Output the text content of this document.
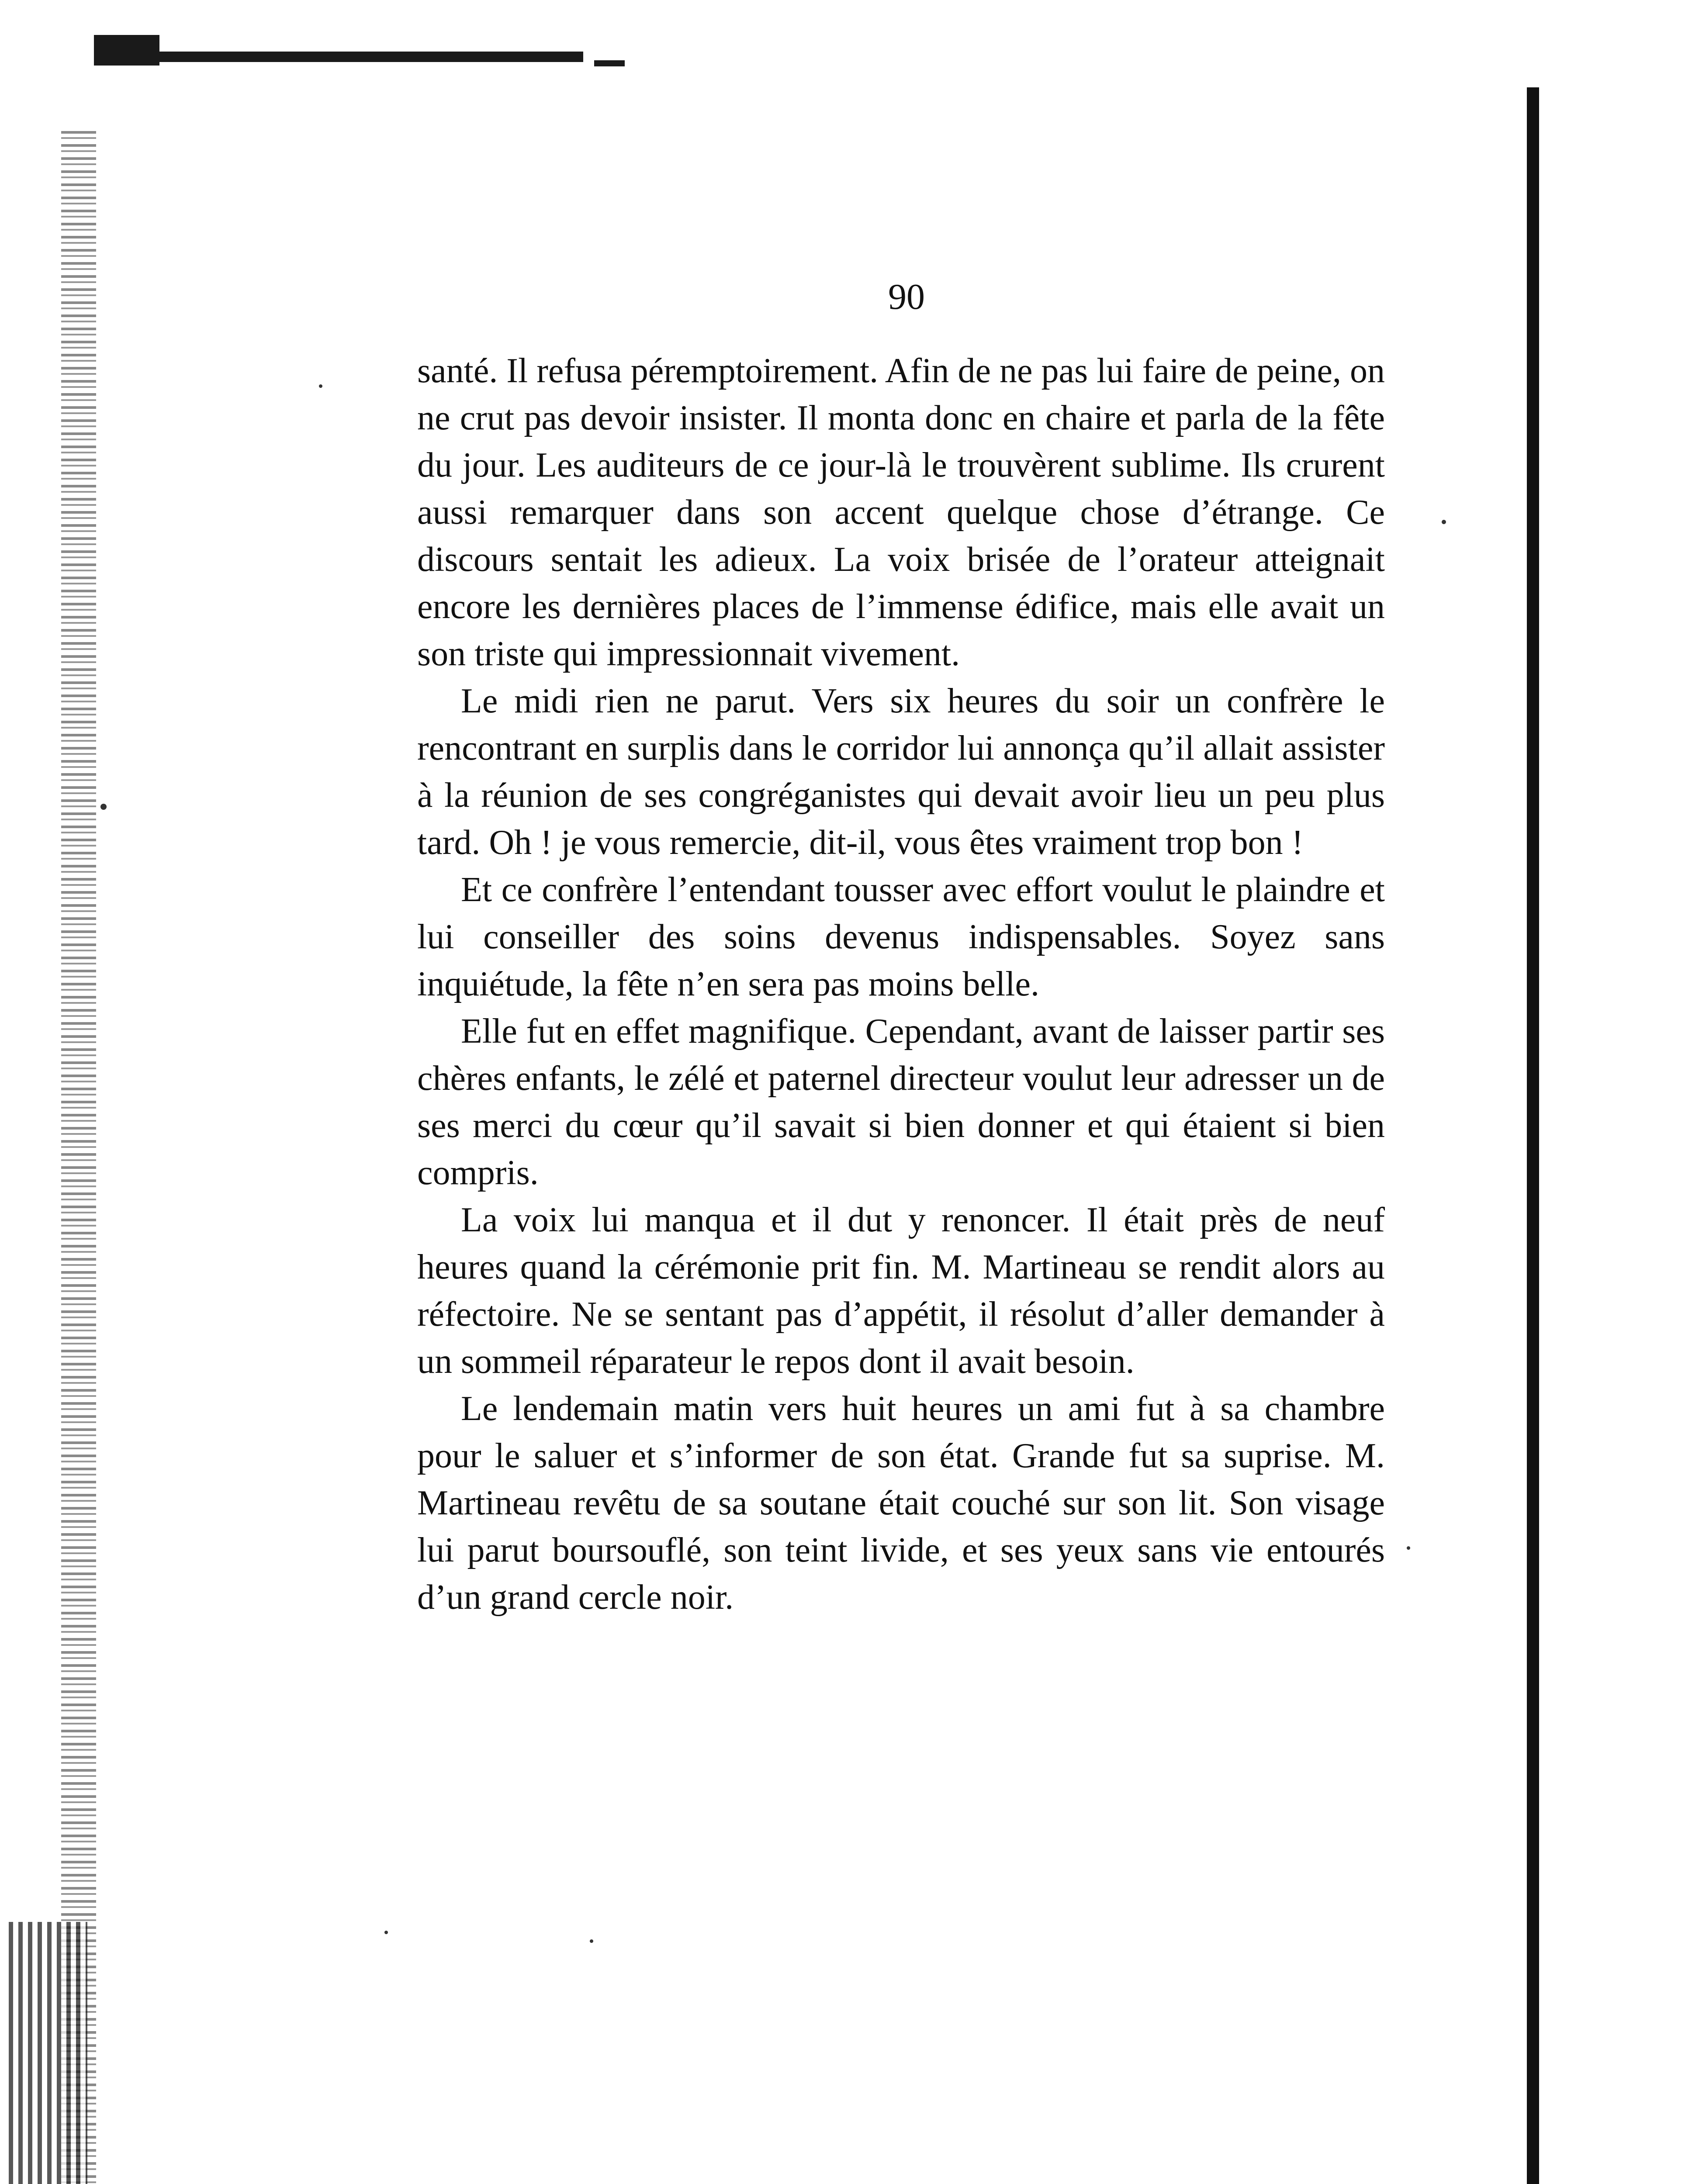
90

santé. Il refusa péremptoirement. Afin de ne pas lui faire de peine, on ne crut pas devoir insister. Il monta donc en chaire et parla de la fête du jour. Les auditeurs de ce jour-là le trouvèrent sublime. Ils crurent aussi remarquer dans son accent quelque chose d’étrange. Ce discours sentait les adieux. La voix brisée de l’orateur atteignait encore les dernières places de l’immense édifice, mais elle avait un son triste qui impressionnait vivement.

Le midi rien ne parut. Vers six heures du soir un confrère le rencontrant en surplis dans le corridor lui annonça qu’il allait assister à la réunion de ses congréganistes qui devait avoir lieu un peu plus tard. Oh ! je vous remercie, dit-il, vous êtes vraiment trop bon !

Et ce confrère l’entendant tousser avec effort voulut le plaindre et lui conseiller des soins devenus indispensables. Soyez sans inquiétude, la fête n’en sera pas moins belle.

Elle fut en effet magnifique. Cependant, avant de laisser partir ses chères enfants, le zélé et paternel directeur voulut leur adresser un de ses merci du cœur qu’il savait si bien donner et qui étaient si bien compris.

La voix lui manqua et il dut y renoncer. Il était près de neuf heures quand la cérémonie prit fin. M. Martineau se rendit alors au réfectoire. Ne se sentant pas d’appétit, il résolut d’aller demander à un sommeil réparateur le repos dont il avait besoin.

Le lendemain matin vers huit heures un ami fut à sa chambre pour le saluer et s’informer de son état. Grande fut sa suprise. M. Martineau revêtu de sa soutane était couché sur son lit. Son visage lui parut boursouflé, son teint livide, et ses yeux sans vie entourés d’un grand cercle noir.
